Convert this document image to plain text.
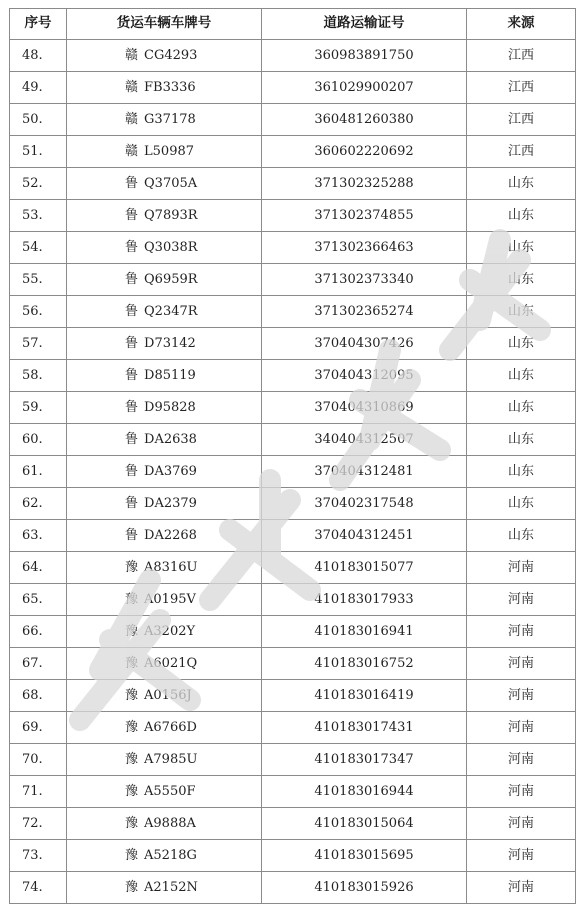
序号	货运车辆车牌号	道路运输证号	来源
48.	赣 CG4293	360983891750	江西
49.	赣 FB3336	361029900207	江西
50.	赣 G37178	360481260380	江西
51.	赣 L50987	360602220692	江西
52.	鲁 Q3705A	371302325288	山东
53.	鲁 Q7893R	371302374855	山东
54.	鲁 Q3038R	371302366463	山东
55.	鲁 Q6959R	371302373340	山东
56.	鲁 Q2347R	371302365274	山东
57.	鲁 D73142	370404307426	山东
58.	鲁 D85119	370404312095	山东
59.	鲁 D95828	370404310869	山东
60.	鲁 DA2638	340404312507	山东
61.	鲁 DA3769	370404312481	山东
62.	鲁 DA2379	370402317548	山东
63.	鲁 DA2268	370404312451	山东
64.	豫 A8316U	410183015077	河南
65.	豫 A0195V	410183017933	河南
66.	豫 A3202Y	410183016941	河南
67.	豫 A6021Q	410183016752	河南
68.	豫 A0156J	410183016419	河南
69.	豫 A6766D	410183017431	河南
70.	豫 A7985U	410183017347	河南
71.	豫 A5550F	410183016944	河南
72.	豫 A9888A	410183015064	河南
73.	豫 A5218G	410183015695	河南
74.	豫 A2152N	410183015926	河南
